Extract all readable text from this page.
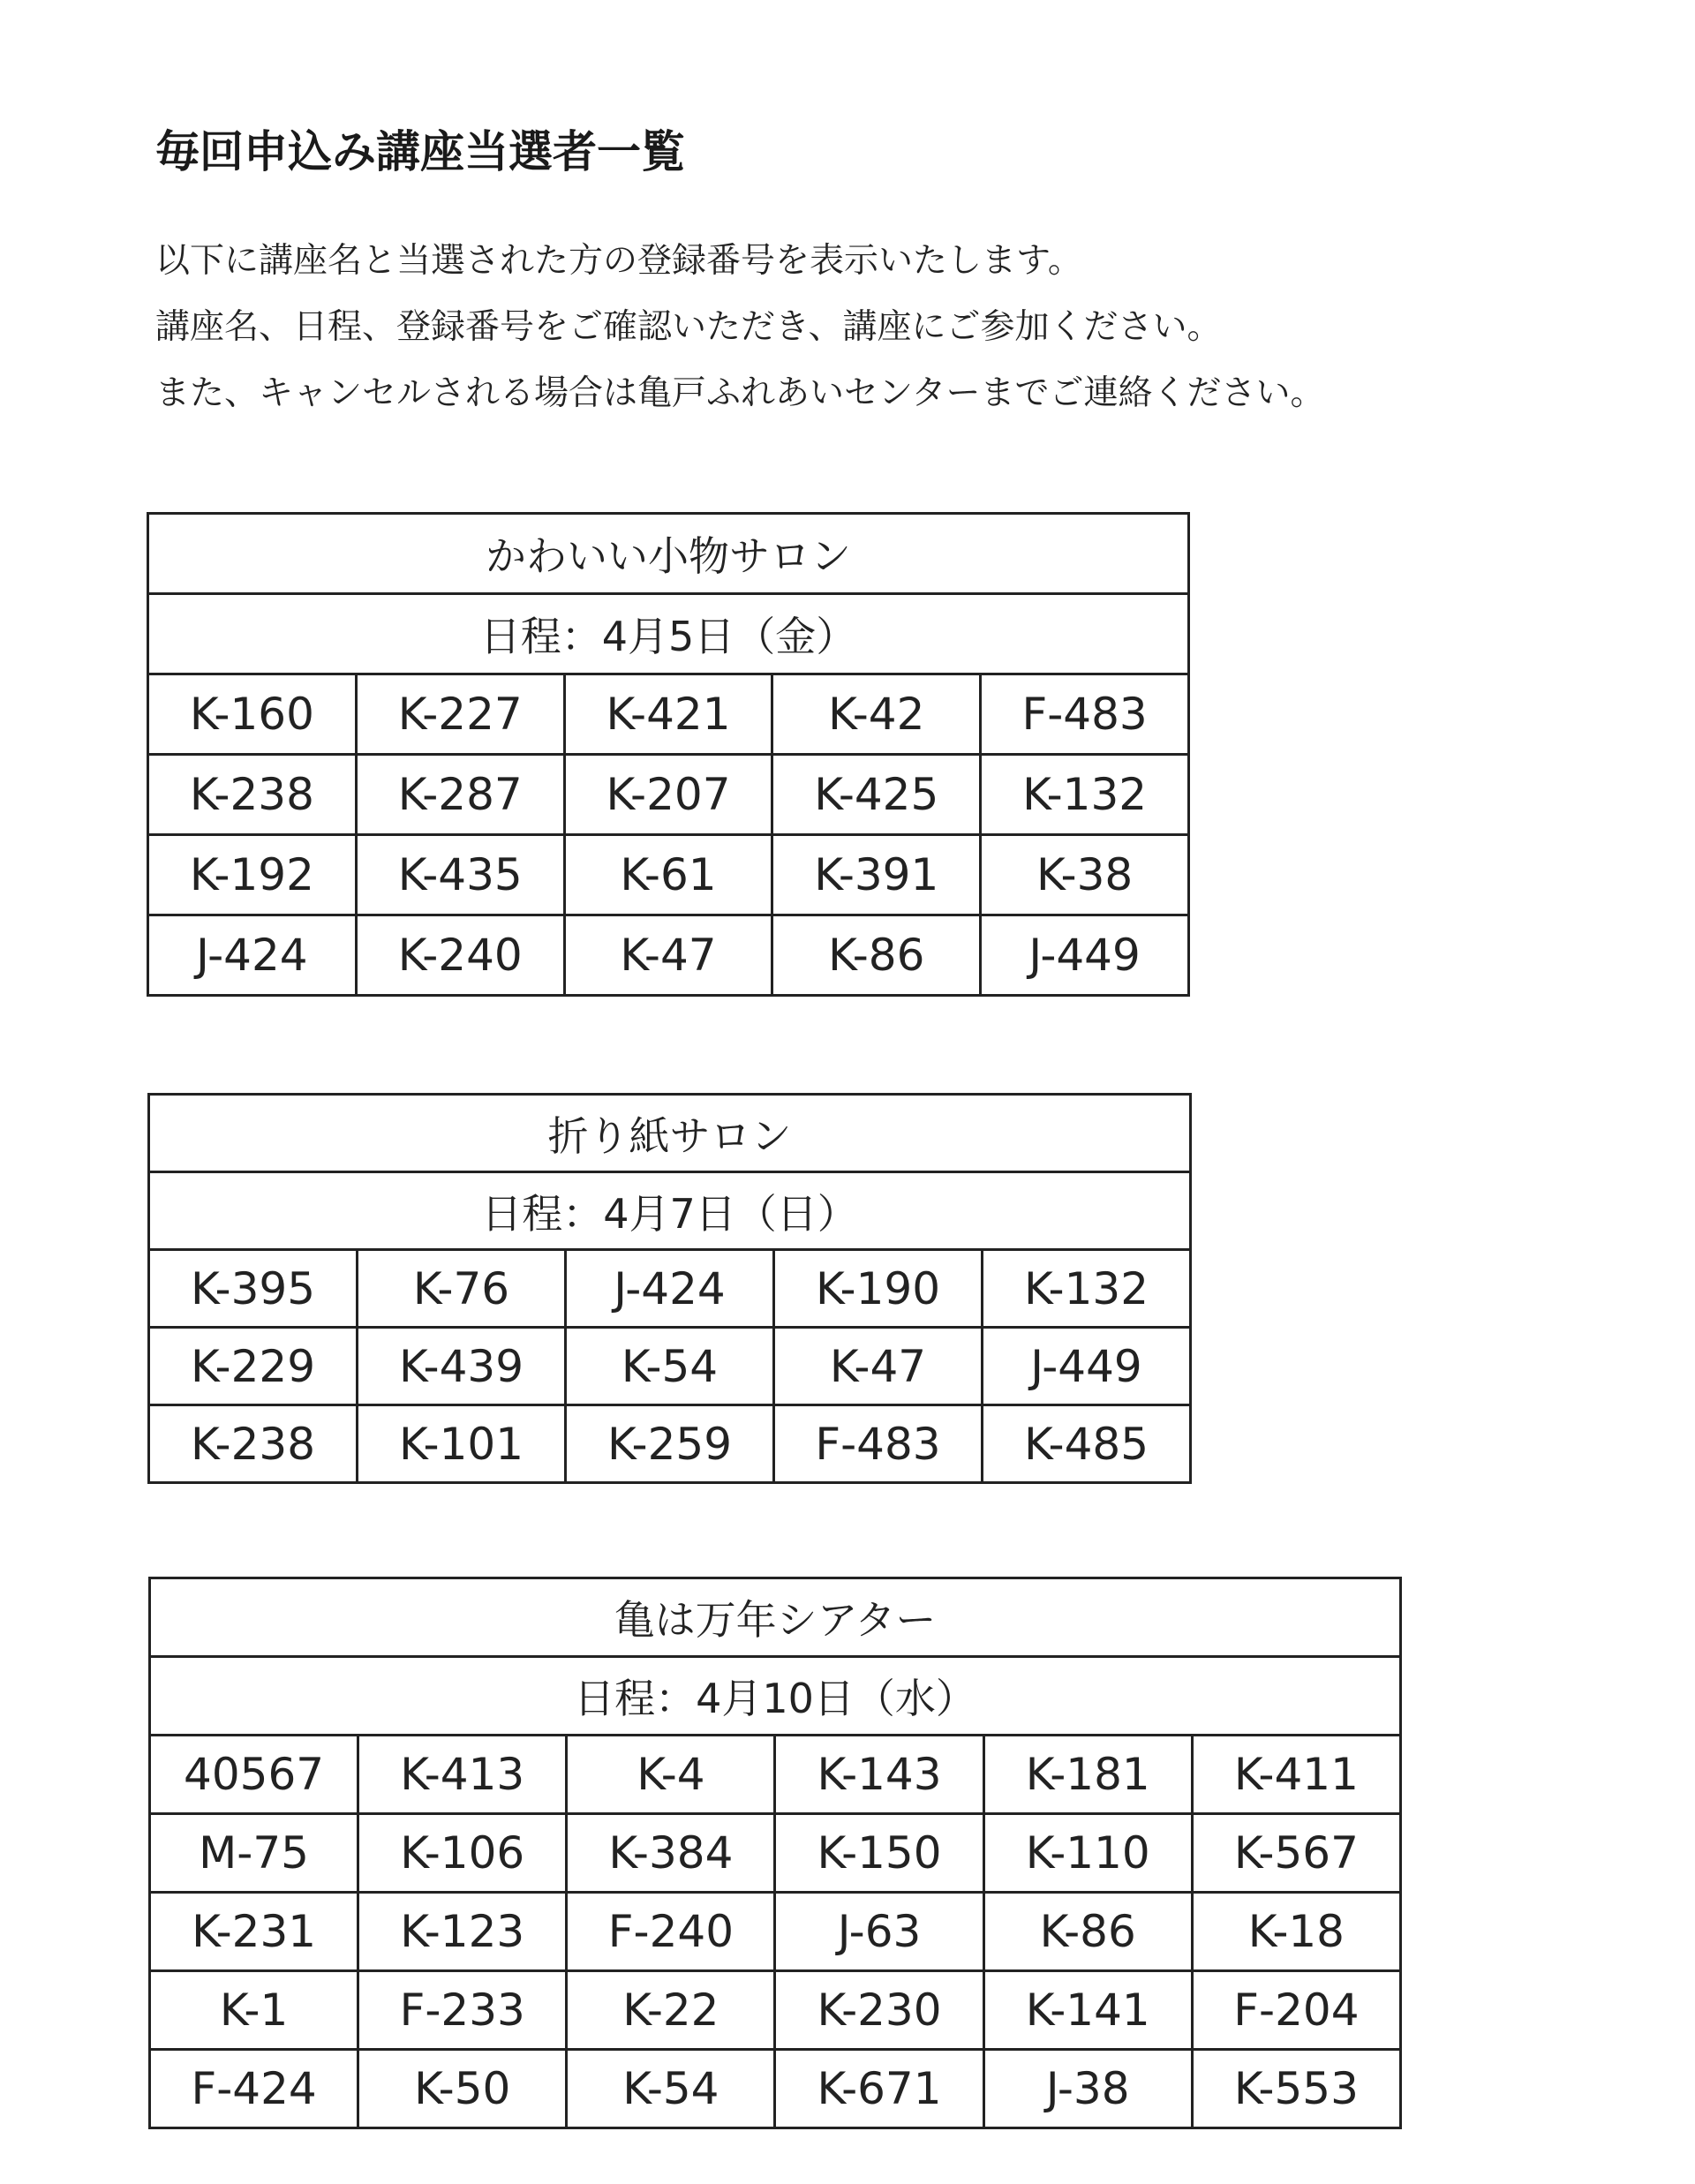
毎回申込み講座当選者一覧
以下に講座名と当選された方の登録番号を表示いたします。
講座名、日程、登録番号をご確認いただき、講座にご参加ください。
また、キャンセルされる場合は亀戸ふれあいセンターまでご連絡ください。
かわいい小物サロン				
日程：4月5日（金）				
K-160	K-227	K-421	K-42	F-483
K-238	K-287	K-207	K-425	K-132
K-192	K-435	K-61	K-391	K-38
J-424	K-240	K-47	K-86	J-449
折り紙サロン				
日程：4月7日（日）				
K-395	K-76	J-424	K-190	K-132
K-229	K-439	K-54	K-47	J-449
K-238	K-101	K-259	F-483	K-485
亀は万年シアター					
日程：4月10日（水）					
40567	K-413	K-4	K-143	K-181	K-411
M-75	K-106	K-384	K-150	K-110	K-567
K-231	K-123	F-240	J-63	K-86	K-18
K-1	F-233	K-22	K-230	K-141	F-204
F-424	K-50	K-54	K-671	J-38	K-553
